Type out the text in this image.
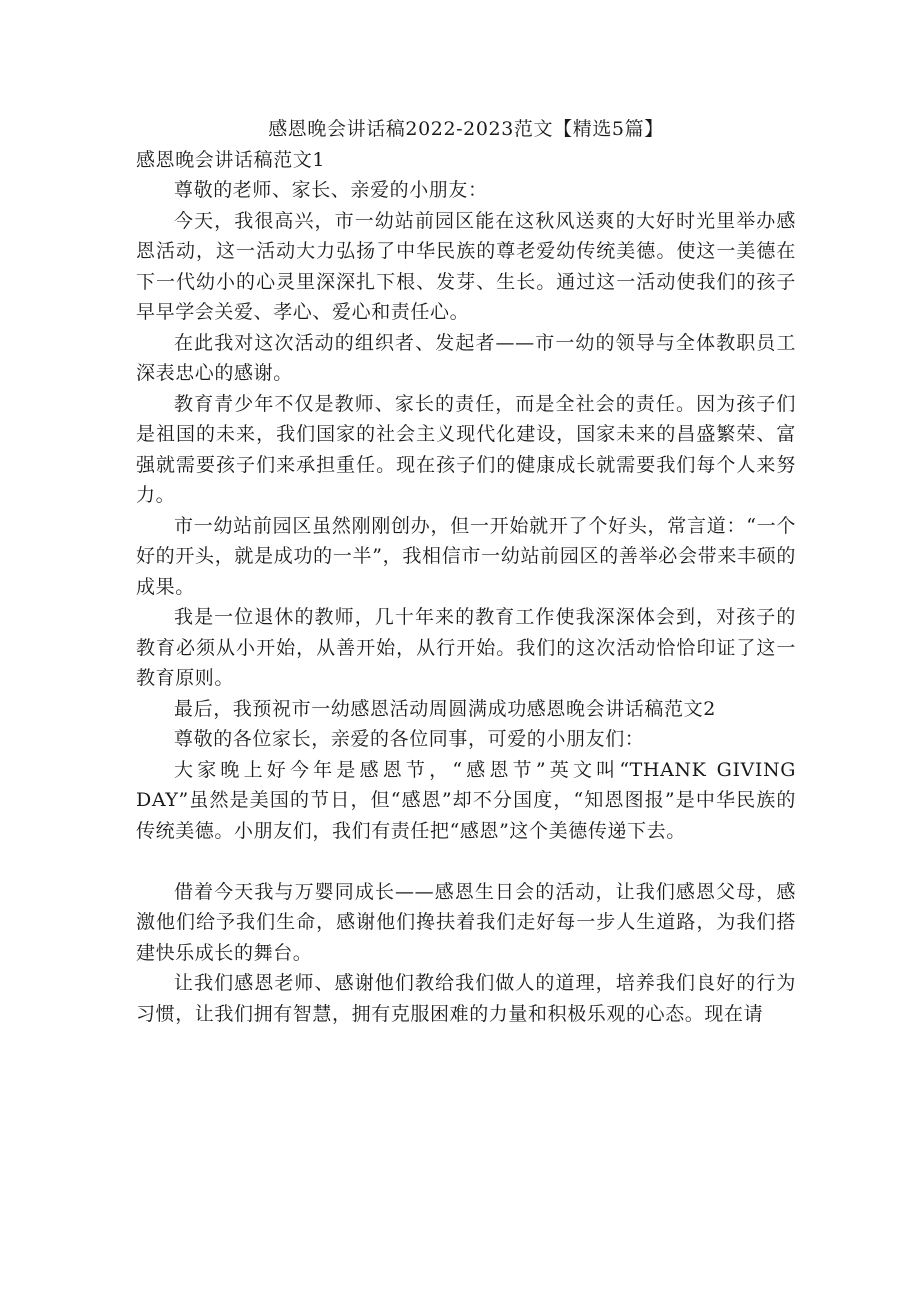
感恩晚会讲话稿2022-2023范文【精选5篇】
感恩晚会讲话稿范文1

尊敬的老师、家长、亲爱的小朋友：

今天，我很高兴，市一幼站前园区能在这秋风送爽的大好时光里举办感恩活动，这一活动大力弘扬了中华民族的尊老爱幼传统美德。使这一美德在下一代幼小的心灵里深深扎下根、发芽、生长。通过这一活动使我们的孩子早早学会关爱、孝心、爱心和责任心。

在此我对这次活动的组织者、发起者——市一幼的领导与全体教职员工深表忠心的感谢。

教育青少年不仅是教师、家长的责任，而是全社会的责任。因为孩子们是祖国的未来，我们国家的社会主义现代化建设，国家未来的昌盛繁荣、富强就需要孩子们来承担重任。现在孩子们的健康成长就需要我们每个人来努力。

市一幼站前园区虽然刚刚创办，但一开始就开了个好头，常言道：“一个好的开头，就是成功的一半”，我相信市一幼站前园区的善举必会带来丰硕的成果。

我是一位退休的教师，几十年来的教育工作使我深深体会到，对孩子的教育必须从小开始，从善开始，从行开始。我们的这次活动恰恰印证了这一教育原则。

最后，我预祝市一幼感恩活动周圆满成功感恩晚会讲话稿范文2

尊敬的各位家长，亲爱的各位同事，可爱的小朋友们：

大家晚上好今年是感恩节，“感恩节”英文叫“THANK GIVING DAY”虽然是美国的节日，但“感恩”却不分国度，“知恩图报”是中华民族的传统美德。小朋友们，我们有责任把“感恩”这个美德传递下去。

借着今天我与万婴同成长——感恩生日会的活动，让我们感恩父母，感激他们给予我们生命，感谢他们搀扶着我们走好每一步人生道路，为我们搭建快乐成长的舞台。

让我们感恩老师、感谢他们教给我们做人的道理，培养我们良好的行为习惯，让我们拥有智慧，拥有克服困难的力量和积极乐观的心态。现在请
